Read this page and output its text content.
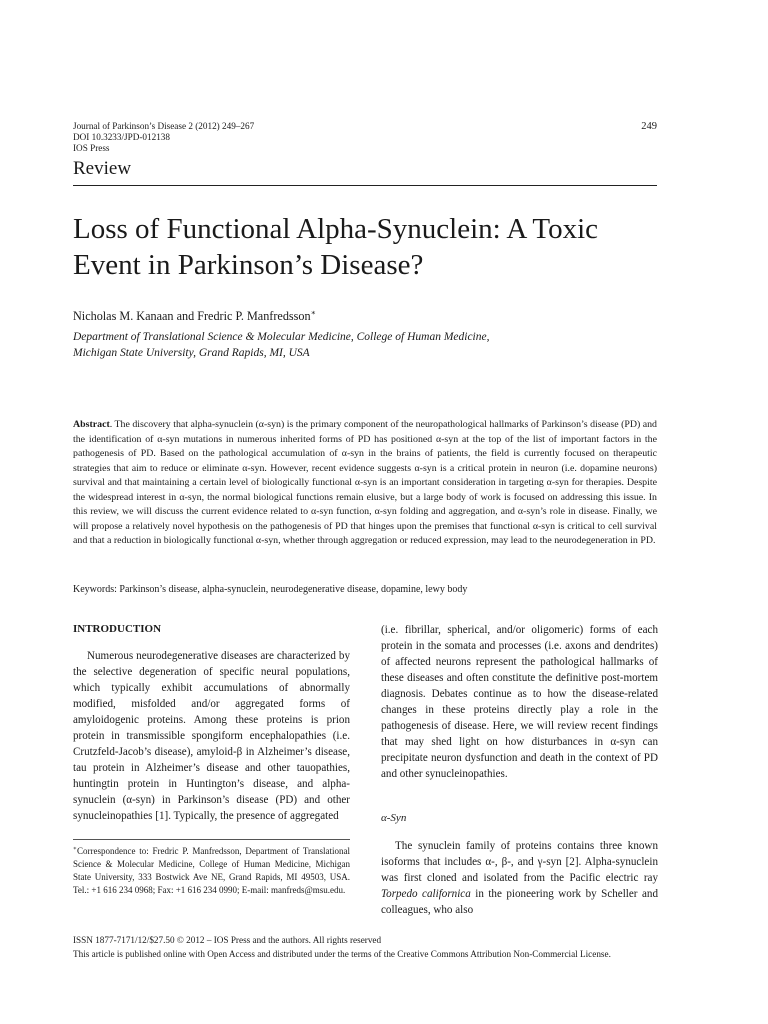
Journal of Parkinson’s Disease 2 (2012) 249–267
DOI 10.3233/JPD-012138
IOS Press
249
Review
Loss of Functional Alpha-Synuclein: A Toxic
Event in Parkinson’s Disease?
Nicholas M. Kanaan and Fredric P. Manfredsson∗
Department of Translational Science & Molecular Medicine, College of Human Medicine,
Michigan State University, Grand Rapids, MI, USA
Abstract. The discovery that alpha-synuclein (α-syn) is the primary component of the neuropathological hallmarks of Parkinson’s disease (PD) and the identification of α-syn mutations in numerous inherited forms of PD has positioned α-syn at the top of the list of important factors in the pathogenesis of PD. Based on the pathological accumulation of α-syn in the brains of patients, the field is currently focused on therapeutic strategies that aim to reduce or eliminate α-syn. However, recent evidence suggests α-syn is a critical protein in neuron (i.e. dopamine neurons) survival and that maintaining a certain level of biologically functional α-syn is an important consideration in targeting α-syn for therapies. Despite the widespread interest in α-syn, the normal biological functions remain elusive, but a large body of work is focused on addressing this issue. In this review, we will discuss the current evidence related to α-syn function, α-syn folding and aggregation, and α-syn’s role in disease. Finally, we will propose a relatively novel hypothesis on the pathogenesis of PD that hinges upon the premises that functional α-syn is critical to cell survival and that a reduction in biologically functional α-syn, whether through aggregation or reduced expression, may lead to the neurodegeneration in PD.
Keywords: Parkinson’s disease, alpha-synuclein, neurodegenerative disease, dopamine, lewy body
INTRODUCTION

Numerous neurodegenerative diseases are characterized by the selective degeneration of specific neural populations, which typically exhibit accumulations of abnormally modified, misfolded and/or aggregated forms of amyloidogenic proteins. Among these proteins is prion protein in transmissible spongiform encephalopathies (i.e. Crutzfeld-Jacob’s disease), amyloid-β in Alzheimer’s disease, tau protein in Alzheimer’s disease and other tauopathies, huntingtin protein in Huntington’s disease, and alpha-synuclein (α-syn) in Parkinson’s disease (PD) and other synucleinopathies [1]. Typically, the presence of aggregated

(i.e. fibrillar, spherical, and/or oligomeric) forms of each protein in the somata and processes (i.e. axons and dendrites) of affected neurons represent the pathological hallmarks of these diseases and often constitute the definitive post-mortem diagnosis. Debates continue as to how the disease-related changes in these proteins directly play a role in the pathogenesis of disease. Here, we will review recent findings that may shed light on how disturbances in α-syn can precipitate neuron dysfunction and death in the context of PD and other synucleinopathies.

α-Syn

The synuclein family of proteins contains three known isoforms that includes α-, β-, and γ-syn [2]. Alpha-synuclein was first cloned and isolated from the Pacific electric ray Torpedo californica in the pioneering work by Scheller and colleagues, who also

∗Correspondence to: Fredric P. Manfredsson, Department of Translational Science & Molecular Medicine, College of Human Medicine, Michigan State University, 333 Bostwick Ave NE, Grand Rapids, MI 49503, USA. Tel.: +1 616 234 0968; Fax: +1 616 234 0990; E-mail: manfreds@msu.edu.
ISSN 1877-7171/12/$27.50 © 2012 – IOS Press and the authors. All rights reserved
This article is published online with Open Access and distributed under the terms of the Creative Commons Attribution Non-Commercial License.
